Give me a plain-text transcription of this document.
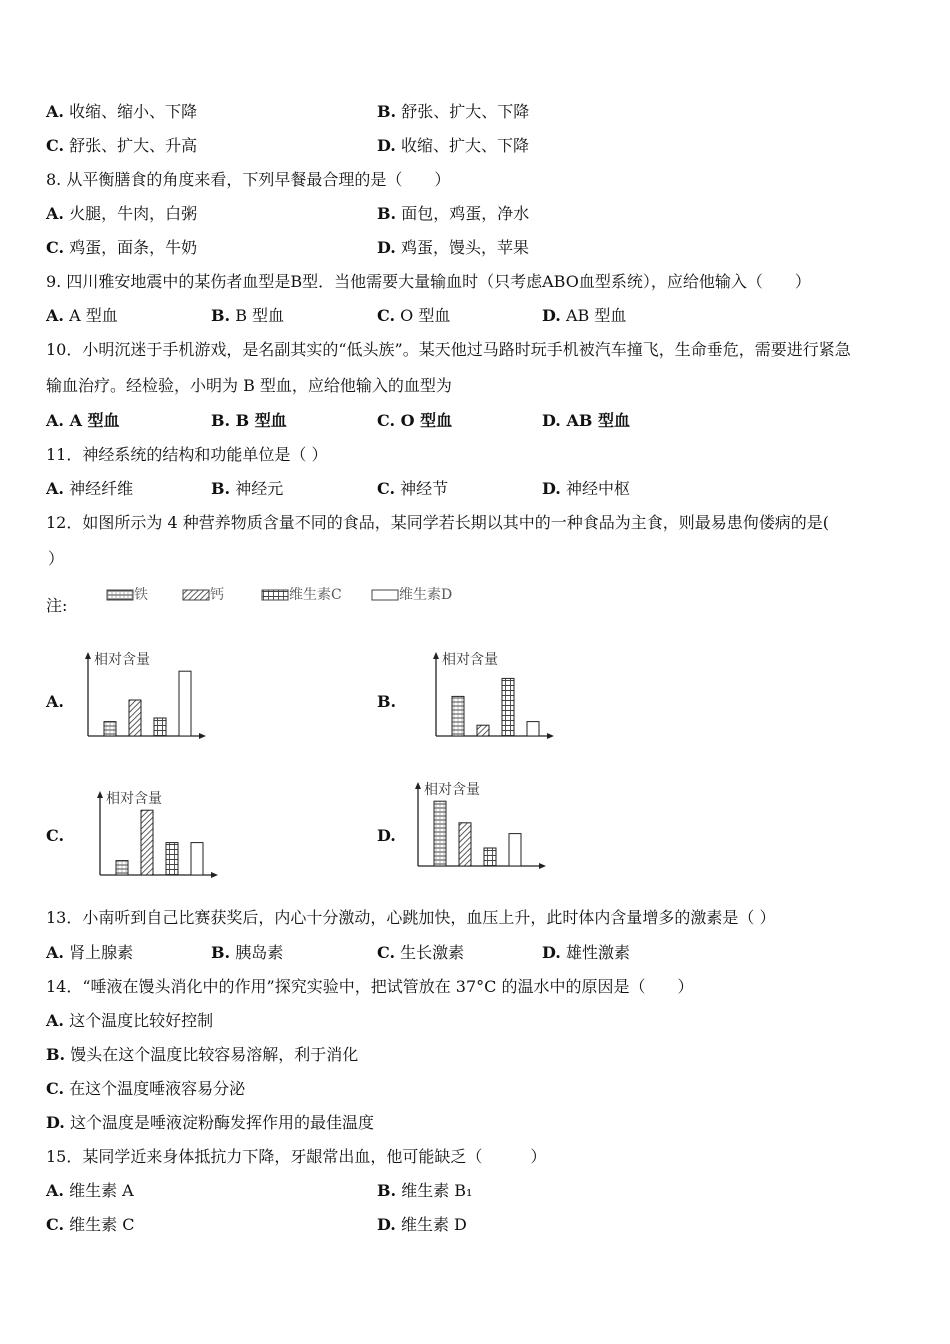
A. 收缩、缩小、下降	B. 舒张、扩大、下降
C. 舒张、扩大、升高	D. 收缩、扩大、下降
8. 从平衡膳食的角度来看，下列早餐最合理的是（　　）
A. 火腿，牛肉，白粥	B. 面包，鸡蛋，净水
C. 鸡蛋，面条，牛奶	D. 鸡蛋，馒头，苹果
9. 四川雅安地震中的某伤者血型是B型．当他需要大量输血时（只考虑ABO血型系统），应给他输入（　　）
A. A 型血	B. B 型血	C. O 型血	D. AB 型血
10．小明沉迷于手机游戏，是名副其实的“低头族”。某天他过马路时玩手机被汽车撞飞，生命垂危，需要进行紧急
输血治疗。经检验，小明为 B 型血，应给他输入的血型为
A. A 型血	B. B 型血	C. O 型血	D. AB 型血
11．神经系统的结构和功能单位是（ ）
A. 神经纤维	B. 神经元	C. 神经节	D. 神经中枢
12．如图所示为 4 种营养物质含量不同的食品，某同学若长期以其中的一种食品为主食，则最易患佝偻病的是(
）
注:
铁	钙	维生素C	维生素D
A.	B.
C.	D.
相对含量	相对含量
相对含量
相对含量
13．小南听到自己比赛获奖后，内心十分激动，心跳加快，血压上升，此时体内含量增多的激素是（ ）
A. 肾上腺素	B. 胰岛素	C. 生长激素	D. 雄性激素
14．“唾液在馒头消化中的作用”探究实验中，把试管放在 37°C 的温水中的原因是（　　）
A. 这个温度比较好控制
B. 馒头在这个温度比较容易溶解，利于消化
C. 在这个温度唾液容易分泌
D. 这个温度是唾液淀粉酶发挥作用的最佳温度
15．某同学近来身体抵抗力下降，牙龈常出血，他可能缺乏（　　　）
A. 维生素 A	B. 维生素 B₁
C. 维生素 C	D. 维生素 D
